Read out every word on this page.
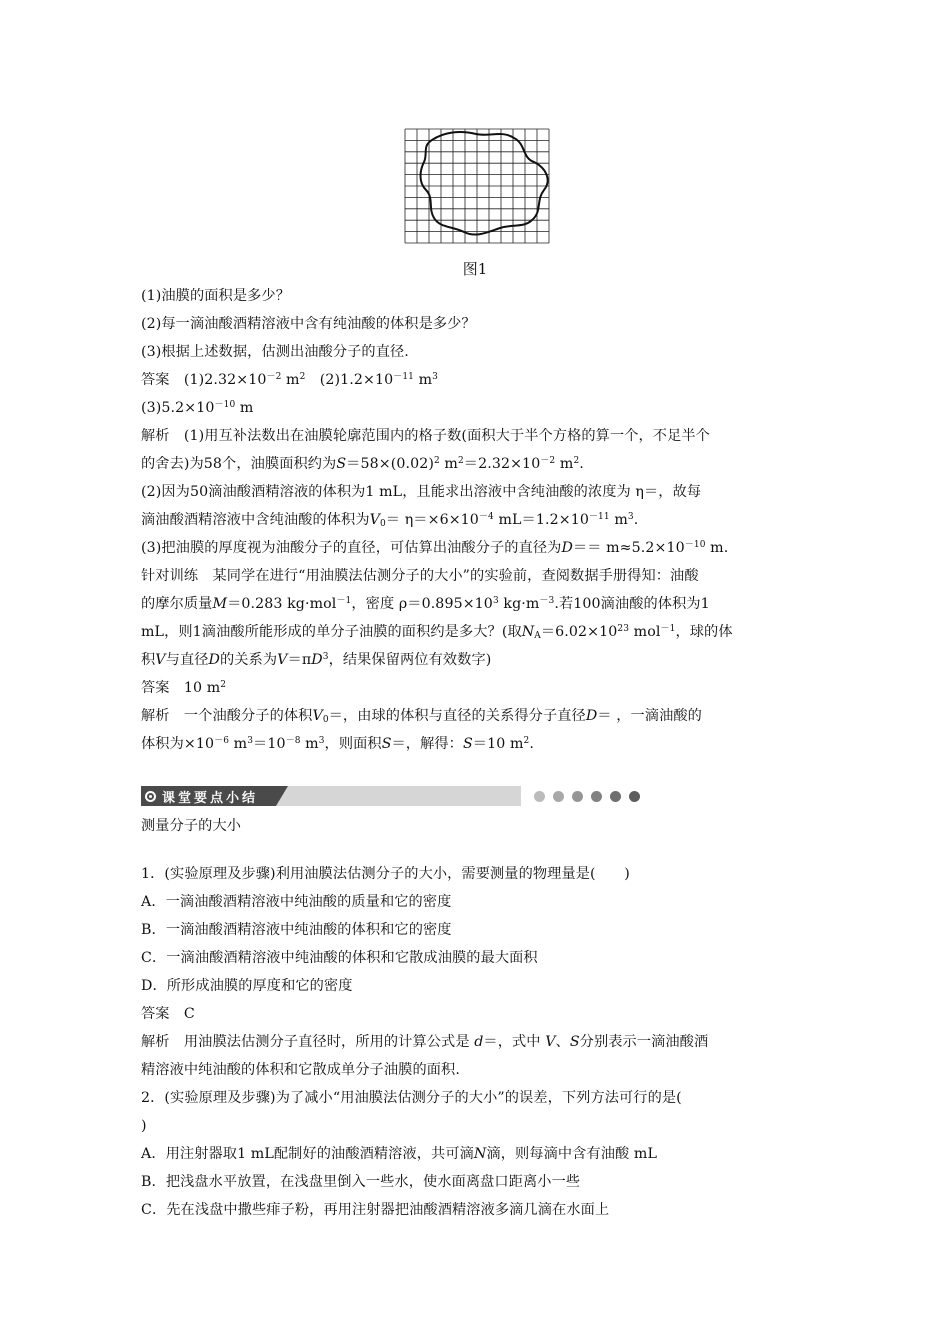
图1
(1)油膜的面积是多少？
(2)每一滴油酸酒精溶液中含有纯油酸的体积是多少？
(3)根据上述数据，估测出油酸分子的直径.
答案　$(1)2.32\times 10^{-2}$ $m^2$　$(2)1.2\times 10^{-11}$ $m^3$
$(3)5.2\times 10^{-10}$ m
解析　(1)用互补法数出在油膜轮廓范围内的格子数(面积大于半个方格的算一个，不足半个
的舍去)为58个，油膜面积约为$S=58\times(0.02)^2$ $m^2=2.32\times 10^{-2}$ $m^2$.
(2)因为50滴油酸酒精溶液的体积为1 mL，且能求出溶液中含纯油酸的浓度为 η＝，故每
滴油酸酒精溶液中含纯油酸的体积为$V_0= \eta=\times 6\times 10^{-4}$ $mL=1.2\times 10^{-11}$ $m^3$.
(3)把油膜的厚度视为油酸分子的直径，可估算出油酸分子的直径为$D== m\approx 5.2\times 10^{-10}$ m.
针对训练　某同学在进行“用油膜法估测分子的大小”的实验前，查阅数据手册得知：油酸
的摩尔质量M＝0.283 kg·mol$^{-1}$，密度 $\rho=0.895\times 10^3$ $kg\cdot m^{-3}$.若100滴油酸的体积为1
mL，则1滴油酸所能形成的单分子油膜的面积约是多大？(取$N_A=6.02\times 10^{23}$ mol$^{-1}$，球的体
积V与直径D的关系为$V=\pi D^3$，结果保留两位有效数字)
答案　10 $m^2$
解析　一个油酸分子的体积$V_0=$，由球的体积与直径的关系得分子直径D＝ ，一滴油酸的
体积为$\times 10^{-6}$ $m^3=10^{-8}$ $m^3$，则面积S＝，解得：S＝10 $m^2$.
课堂要点小结
测量分子的大小
1．(实验原理及步骤)利用油膜法估测分子的大小，需要测量的物理量是(　　)
A．一滴油酸酒精溶液中纯油酸的质量和它的密度
B．一滴油酸酒精溶液中纯油酸的体积和它的密度
C．一滴油酸酒精溶液中纯油酸的体积和它散成油膜的最大面积
D．所形成油膜的厚度和它的密度
答案　C
解析　用油膜法估测分子直径时，所用的计算公式是 d＝，式中 V、S分别表示一滴油酸酒
精溶液中纯油酸的体积和它散成单分子油膜的面积.
2．(实验原理及步骤)为了减小“用油膜法估测分子的大小”的误差，下列方法可行的是(
)
A．用注射器取1 mL配制好的油酸酒精溶液，共可滴N滴，则每滴中含有油酸 mL
B．把浅盘水平放置，在浅盘里倒入一些水，使水面离盘口距离小一些
C．先在浅盘中撒些痱子粉，再用注射器把油酸酒精溶液多滴几滴在水面上
